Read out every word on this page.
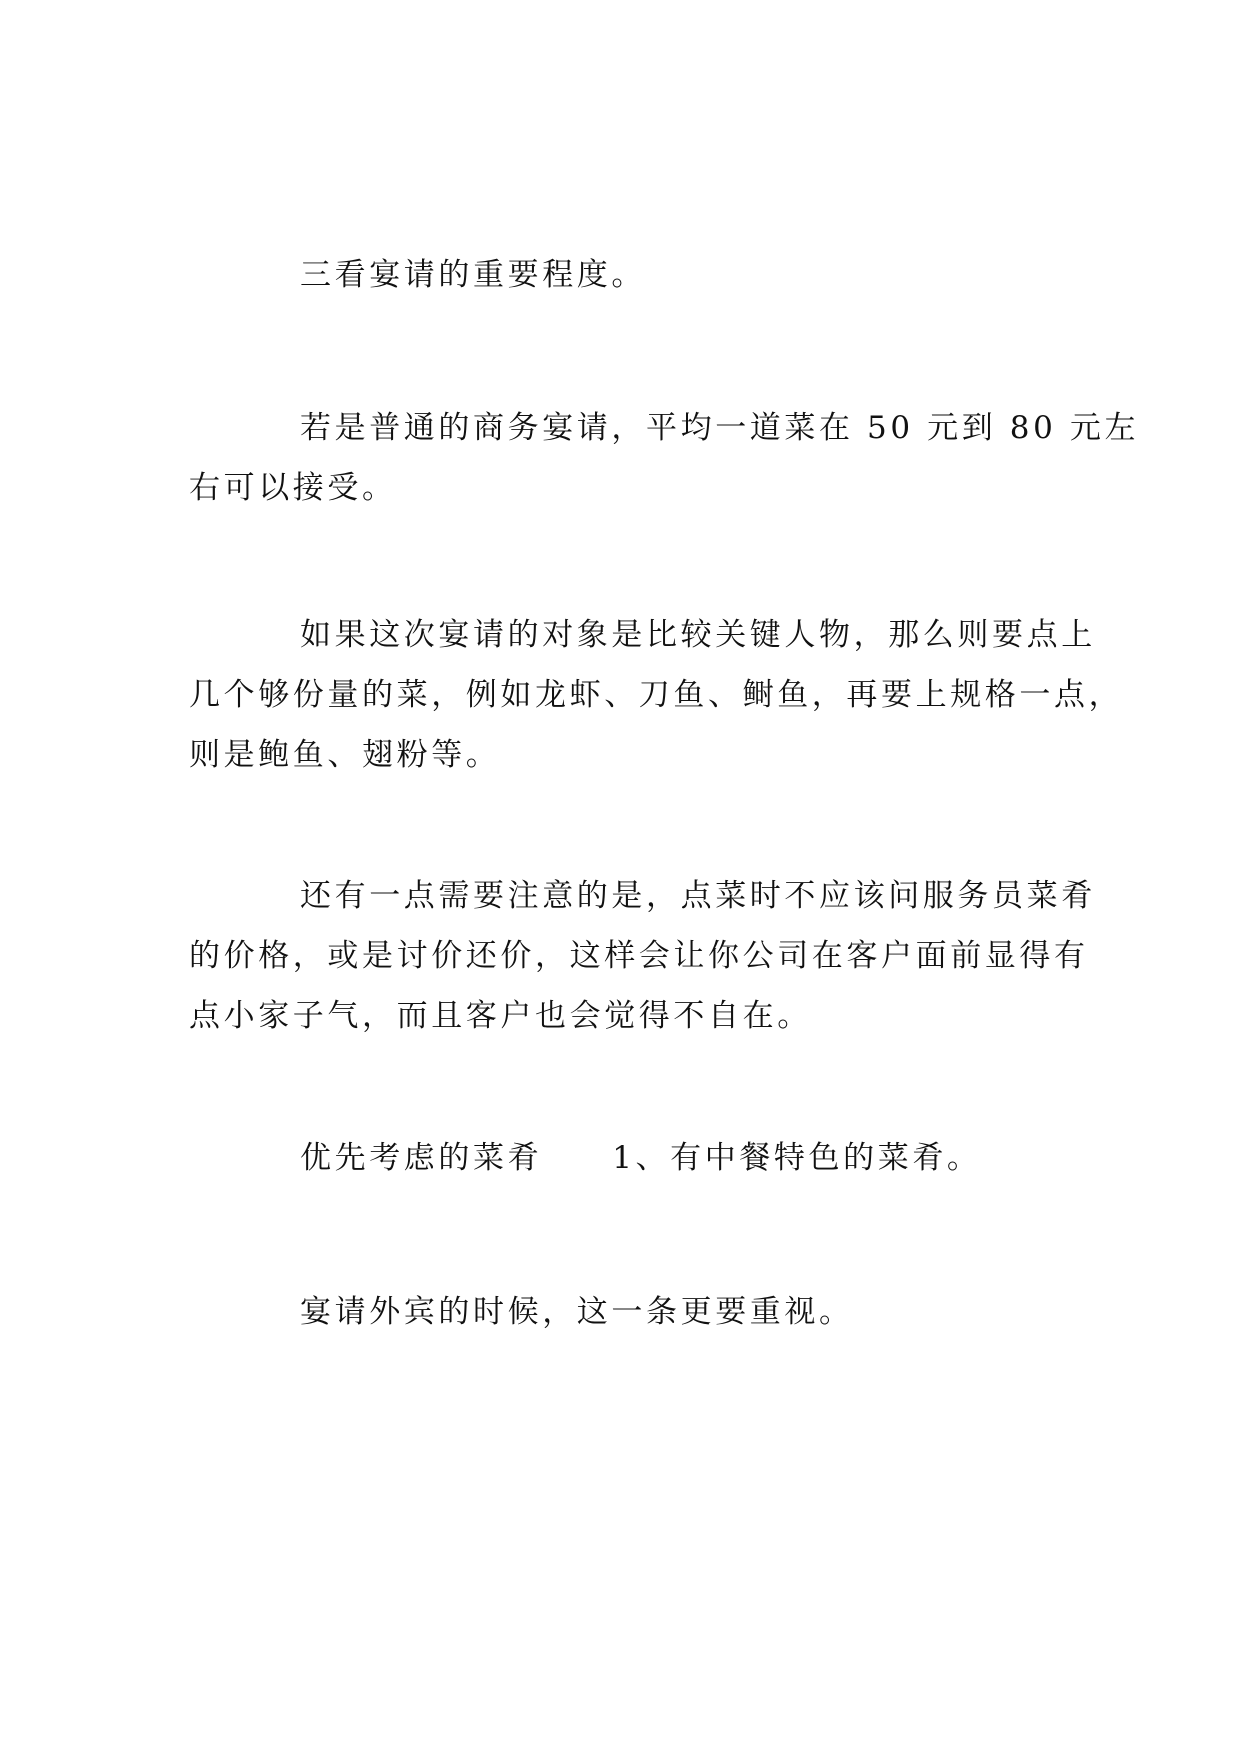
三看宴请的重要程度。

若是普通的商务宴请，平均一道菜在 50 元到 80 元左
右可以接受。

如果这次宴请的对象是比较关键人物，那么则要点上
几个够份量的菜，例如龙虾、刀鱼、鲥鱼，再要上规格一点，
则是鲍鱼、翅粉等。

还有一点需要注意的是，点菜时不应该问服务员菜肴
的价格，或是讨价还价，这样会让你公司在客户面前显得有
点小家子气，而且客户也会觉得不自在。

优先考虑的菜肴 1、有中餐特色的菜肴。

宴请外宾的时候，这一条更要重视。
